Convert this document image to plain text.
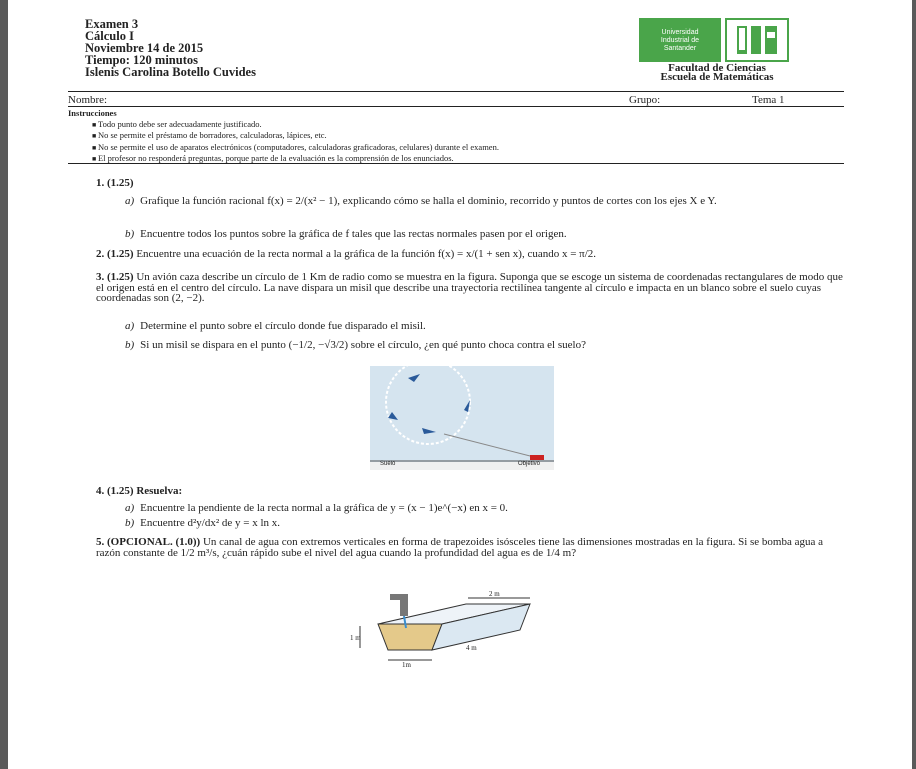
Examen 3
Cálculo I
Noviembre 14 de 2015
Tiempo: 120 minutos
Islenis Carolina Botello Cuvides
Universidad
Industrial de
Santander
Facultad de Ciencias
Escuela de Matemáticas
Nombre:	Grupo:	Tema 1
Instrucciones
■ Todo punto debe ser adecuadamente justificado.
■ No se permite el préstamo de borradores, calculadoras, lápices, etc.
■ No se permite el uso de aparatos electrónicos (computadores, calculadoras graficadoras, celulares) durante el examen.
■ El profesor no responderá preguntas, porque parte de la evaluación es la comprensión de los enunciados.
1. (1.25)
a) Grafique la función racional f(x) = 2/(x² − 1), explicando cómo se halla el dominio, recorrido y puntos de cortes con los ejes X e Y.
b) Encuentre todos los puntos sobre la gráfica de f tales que las rectas normales pasen por el origen.
2. (1.25) Encuentre una ecuación de la recta normal a la gráfica de la función f(x) = x/(1 + sen x), cuando x = π/2.
3. (1.25) Un avión caza describe un círculo de 1 Km de radio como se muestra en la figura. Suponga que se escoge un sistema de coordenadas rectangulares de modo que el origen está en el centro del círculo. La nave dispara un misil que describe una trayectoria rectilínea tangente al círculo e impacta en un blanco sobre el suelo cuyas coordenadas son (2, −2).
a) Determine el punto sobre el círculo donde fue disparado el misil.
b) Si un misil se dispara en el punto (−1/2, −√3/2) sobre el círculo, ¿en qué punto choca contra el suelo?
Suelo	Objetivo
4. (1.25) Resuelva:
a) Encuentre la pendiente de la recta normal a la gráfica de y = (x − 1)e^(−x) en x = 0.
b) Encuentre d²y/dx² de y = x ln x.
5. (OPCIONAL. (1.0)) Un canal de agua con extremos verticales en forma de trapezoides isósceles tiene las dimensiones mostradas en la figura. Si se bomba agua a razón constante de 1/2 m³/s, ¿cuán rápido sube el nivel del agua cuando la profundidad del agua es de 1/4 m?
2 m
4 m
1 m
1m
